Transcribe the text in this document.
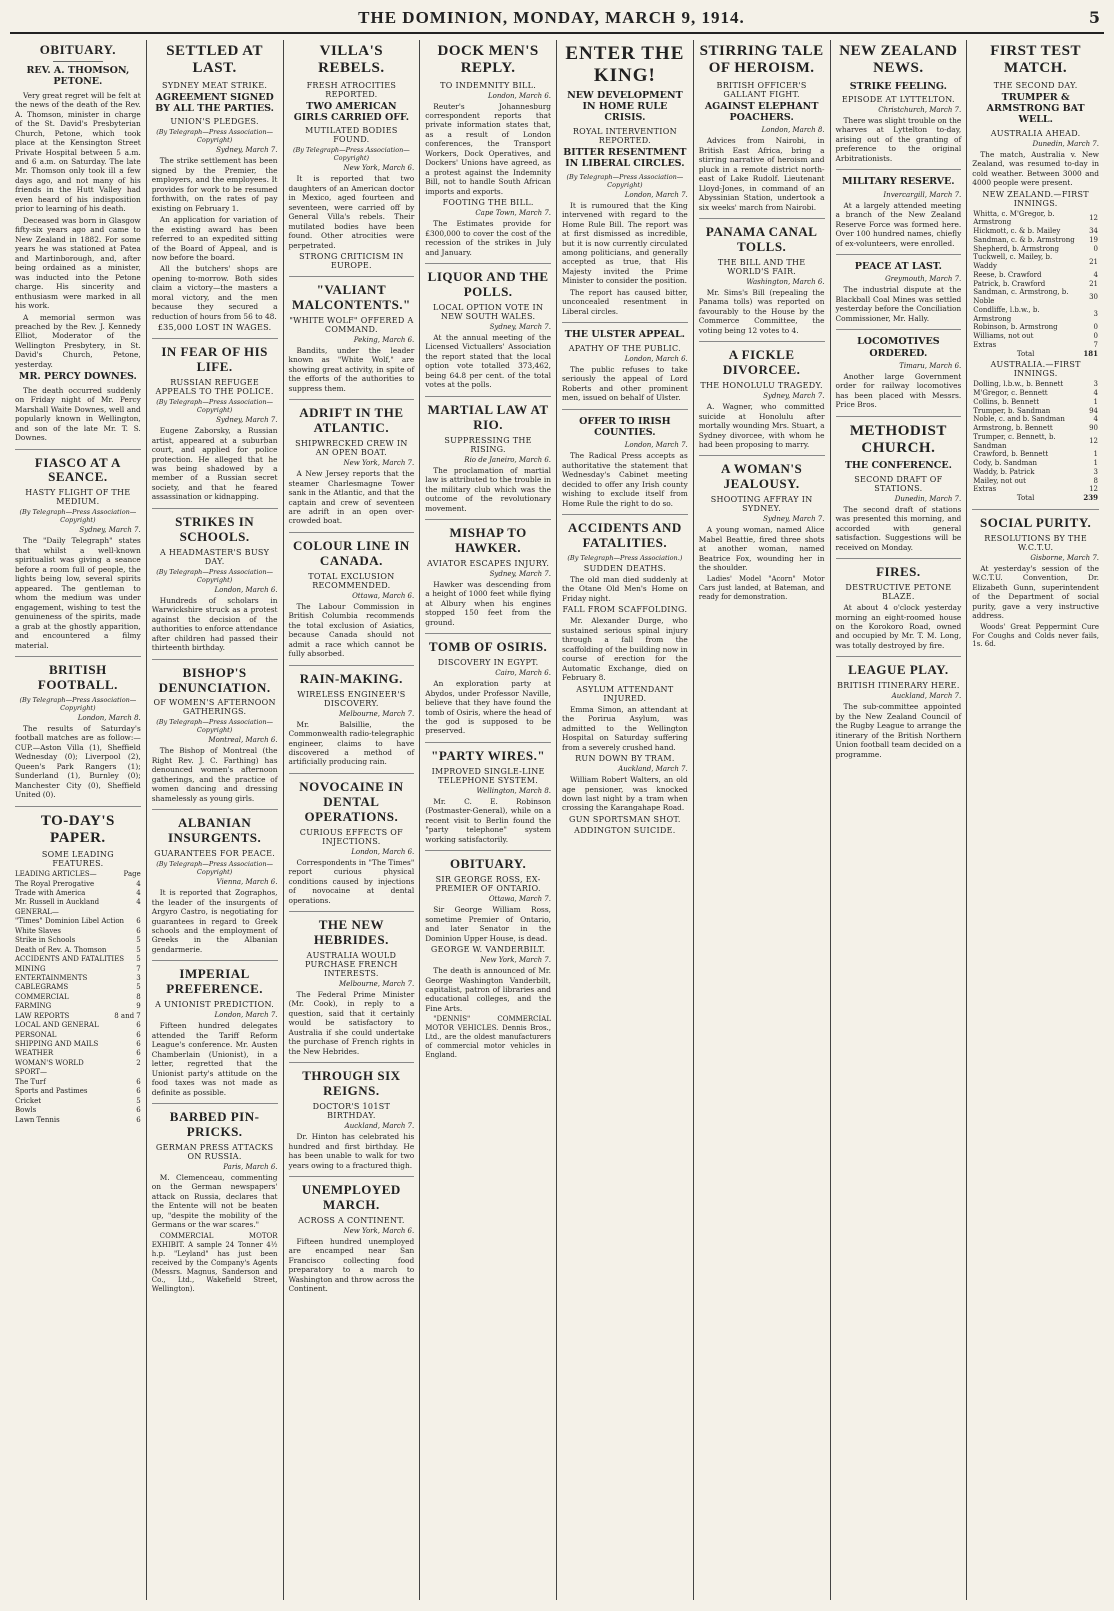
THE DOMINION, MONDAY, MARCH 9, 1914.	5
OBITUARY.
REV. A. THOMSON, PETONE.

Very great regret will be felt at the news of the death of the Rev. A. Thomson, minister in charge of the St. David's Presbyterian Church, Petone, which took place at the Kensington Street Private Hospital between 5 a.m. and 6 a.m. on Saturday. The late Mr. Thomson only took ill a few days ago, and not many of his friends in the Hutt Valley had even heard of his indisposition prior to learning of his death.

Deceased was born in Glasgow fifty-six years ago and came to New Zealand in 1882. For some years he was stationed at Patea and Martinborough, and, after being ordained as a minister, was inducted into the Petone charge. His sincerity and enthusiasm were marked in all his work.

A memorial sermon was preached by the Rev. J. Kennedy Elliot, Moderator of the Wellington Presbytery, in St. David's Church, Petone, yesterday.

MR. PERCY DOWNES.

The death occurred suddenly on Friday night of Mr. Percy Marshall Waite Downes, well and popularly known in Wellington, and son of the late Mr. T. S. Downes.

FIASCO AT A SEANCE.
HASTY FLIGHT OF THE MEDIUM.
(By Telegraph—Press Association—Copyright)
Sydney, March 7.

The "Daily Telegraph" states that whilst a well-known spiritualist was giving a seance before a room full of people, the lights being low, several spirits appeared. The gentleman to whom the medium was under engagement, wishing to test the genuineness of the spirits, made a grab at the ghostly apparition, and encountered a filmy material.

BRITISH FOOTBALL.
(By Telegraph—Press Association—Copyright)
London, March 8.

The results of Saturday's football matches are as follow:— CUP.—Aston Villa (1), Sheffield Wednesday (0); Liverpool (2), Queen's Park Rangers (1); Sunderland (1), Burnley (0); Manchester City (0), Sheffield United (0).

TO-DAY'S PAPER.
SOME LEADING FEATURES.
LEADING ARTICLES—	Page
The Royal Prerogative	4
Trade with America	4
Mr. Russell in Auckland	4
GENERAL—
"Times" Dominion Libel Action	6
White Slaves	6
Strike in Schools	5
Death of Rev. A. Thomson	5
ACCIDENTS AND FATALITIES	5
MINING	7
ENTERTAINMENTS	3
CABLEGRAMS	5
COMMERCIAL	8
FARMING	9
LAW REPORTS	8 and 7
LOCAL AND GENERAL	6
PERSONAL	6
SHIPPING AND MAILS	6
WEATHER	6
WOMAN'S WORLD	2
SPORT—
The Turf	6
Sports and Pastimes	6
Cricket	5
Bowls	6
Lawn Tennis	6
SETTLED AT LAST.
SYDNEY MEAT STRIKE.
AGREEMENT SIGNED BY ALL THE PARTIES.
UNION'S PLEDGES.
(By Telegraph—Press Association—Copyright)
Sydney, March 7.

The strike settlement has been signed by the Premier, the employers, and the employees. It provides for work to be resumed forthwith, on the rates of pay existing on February 1.

An application for variation of the existing award has been referred to an expedited sitting of the Board of Appeal, and is now before the board.

All the butchers' shops are opening to-morrow. Both sides claim a victory—the masters a moral victory, and the men because they secured a reduction of hours from 56 to 48.

£35,000 LOST IN WAGES.
IN FEAR OF HIS LIFE.
RUSSIAN REFUGEE APPEALS TO THE POLICE.
(By Telegraph—Press Association—Copyright)
Sydney, March 7.

Eugene Zaborsky, a Russian artist, appeared at a suburban court, and applied for police protection. He alleged that he was being shadowed by a member of a Russian secret society, and that he feared assassination or kidnapping.

STRIKES IN SCHOOLS.
A HEADMASTER'S BUSY DAY.
(By Telegraph—Press Association—Copyright)
London, March 6.

Hundreds of scholars in Warwickshire struck as a protest against the decision of the authorities to enforce attendance after children had passed their thirteenth birthday.

BISHOP'S DENUNCIATION.
OF WOMEN'S AFTERNOON GATHERINGS.
(By Telegraph—Press Association—Copyright)
Montreal, March 6.

The Bishop of Montreal (the Right Rev. J. C. Farthing) has denounced women's afternoon gatherings, and the practice of women dancing and dressing shamelessly as young girls.

ALBANIAN INSURGENTS.
GUARANTEES FOR PEACE.
(By Telegraph—Press Association—Copyright)
Vienna, March 6.

It is reported that Zographos, the leader of the insurgents of Argyro Castro, is negotiating for guarantees in regard to Greek schools and the employment of Greeks in the Albanian gendarmerie.

IMPERIAL PREFERENCE.
A UNIONIST PREDICTION.
London, March 7.

Fifteen hundred delegates attended the Tariff Reform League's conference. Mr. Austen Chamberlain (Unionist), in a letter, regretted that the Unionist party's attitude on the food taxes was not made as definite as possible.

BARBED PIN-PRICKS.
GERMAN PRESS ATTACKS ON RUSSIA.
Paris, March 6.

M. Clemenceau, commenting on the German newspapers' attack on Russia, declares that the Entente will not be beaten up, "despite the mobility of the Germans or the war scares."

COMMERCIAL MOTOR EXHIBIT. A sample 24 Tonner 4½ h.p. "Leyland" has just been received by the Company's Agents (Messrs. Magnus, Sanderson and Co., Ltd., Wakefield Street, Wellington).

VILLA'S REBELS.
FRESH ATROCITIES REPORTED.
TWO AMERICAN GIRLS CARRIED OFF.
MUTILATED BODIES FOUND.
(By Telegraph—Press Association—Copyright)
New York, March 6.

It is reported that two daughters of an American doctor in Mexico, aged fourteen and seventeen, were carried off by General Villa's rebels. Their mutilated bodies have been found. Other atrocities were perpetrated.

STRONG CRITICISM IN EUROPE.
"VALIANT MALCONTENTS."
"WHITE WOLF" OFFERED A COMMAND.
Peking, March 6.

Bandits, under the leader known as "White Wolf," are showing great activity, in spite of the efforts of the authorities to suppress them.

ADRIFT IN THE ATLANTIC.
SHIPWRECKED CREW IN AN OPEN BOAT.
New York, March 7.

A New Jersey reports that the steamer Charlesmagne Tower sank in the Atlantic, and that the captain and crew of seventeen are adrift in an open over-crowded boat.

COLOUR LINE IN CANADA.
TOTAL EXCLUSION RECOMMENDED.
Ottawa, March 6.

The Labour Commission in British Columbia recommends the total exclusion of Asiatics, because Canada should not admit a race which cannot be fully absorbed.

RAIN-MAKING.
WIRELESS ENGINEER'S DISCOVERY.
Melbourne, March 7.

Mr. Balsillie, the Commonwealth radio-telegraphic engineer, claims to have discovered a method of artificially producing rain.

NOVOCAINE IN DENTAL OPERATIONS.
CURIOUS EFFECTS OF INJECTIONS.
London, March 6.

Correspondents in "The Times" report curious physical conditions caused by injections of novocaine at dental operations.

THE NEW HEBRIDES.
AUSTRALIA WOULD PURCHASE FRENCH INTERESTS.
Melbourne, March 7.

The Federal Prime Minister (Mr. Cook), in reply to a question, said that it certainly would be satisfactory to Australia if she could undertake the purchase of French rights in the New Hebrides.

THROUGH SIX REIGNS.
DOCTOR'S 101ST BIRTHDAY.
Auckland, March 7.

Dr. Hinton has celebrated his hundred and first birthday. He has been unable to walk for two years owing to a fractured thigh.

UNEMPLOYED MARCH.
ACROSS A CONTINENT.
New York, March 6.

Fifteen hundred unemployed are encamped near San Francisco collecting food preparatory to a march to Washington and throw across the Continent.

DOCK MEN'S REPLY.
TO INDEMNITY BILL.
London, March 6.

Reuter's Johannesburg correspondent reports that private information states that, as a result of London conferences, the Transport Workers, Dock Operatives, and Dockers' Unions have agreed, as a protest against the Indemnity Bill, not to handle South African imports and exports.

FOOTING THE BILL.
Cape Town, March 7.

The Estimates provide for £300,000 to cover the cost of the recession of the strikes in July and January.

LIQUOR AND THE POLLS.
LOCAL OPTION VOTE IN NEW SOUTH WALES.
Sydney, March 7.

At the annual meeting of the Licensed Victuallers' Association the report stated that the local option vote totalled 373,462, being 64.8 per cent. of the total votes at the polls.

MARTIAL LAW AT RIO.
SUPPRESSING THE RISING.
Rio de Janeiro, March 6.

The proclamation of martial law is attributed to the trouble in the military club which was the outcome of the revolutionary movement.

MISHAP TO HAWKER.
AVIATOR ESCAPES INJURY.
Sydney, March 7.

Hawker was descending from a height of 1000 feet while flying at Albury when his engines stopped 150 feet from the ground.

TOMB OF OSIRIS.
DISCOVERY IN EGYPT.
Cairo, March 6.

An exploration party at Abydos, under Professor Naville, believe that they have found the tomb of Osiris, where the head of the god is supposed to be preserved.

"PARTY WIRES."
IMPROVED SINGLE-LINE TELEPHONE SYSTEM.
Wellington, March 8.

Mr. C. E. Robinson (Postmaster-General), while on a recent visit to Berlin found the "party telephone" system working satisfactorily.

OBITUARY.
SIR GEORGE ROSS, EX-PREMIER OF ONTARIO.
Ottawa, March 7.

Sir George William Ross, sometime Premier of Ontario, and later Senator in the Dominion Upper House, is dead.

GEORGE W. VANDERBILT.
New York, March 7.

The death is announced of Mr. George Washington Vanderbilt, capitalist, patron of libraries and educational colleges, and the Fine Arts.

"DENNIS" COMMERCIAL MOTOR VEHICLES. Dennis Bros., Ltd., are the oldest manufacturers of commercial motor vehicles in England.

ENTER THE KING!
NEW DEVELOPMENT IN HOME RULE CRISIS.
ROYAL INTERVENTION REPORTED.
BITTER RESENTMENT IN LIBERAL CIRCLES.
(By Telegraph—Press Association—Copyright)
London, March 7.

It is rumoured that the King intervened with regard to the Home Rule Bill. The report was at first dismissed as incredible, but it is now currently circulated among politicians, and generally accepted as true, that His Majesty invited the Prime Minister to consider the position.

The report has caused bitter, unconcealed resentment in Liberal circles.

THE ULSTER APPEAL.
APATHY OF THE PUBLIC.
London, March 6.

The public refuses to take seriously the appeal of Lord Roberts and other prominent men, issued on behalf of Ulster.

OFFER TO IRISH COUNTIES.
London, March 7.

The Radical Press accepts as authoritative the statement that Wednesday's Cabinet meeting decided to offer any Irish county wishing to exclude itself from Home Rule the right to do so.

ACCIDENTS AND FATALITIES.
(By Telegraph—Press Association.)
SUDDEN DEATHS.

The old man died suddenly at the Otane Old Men's Home on Friday night.

FALL FROM SCAFFOLDING.

Mr. Alexander Durge, who sustained serious spinal injury through a fall from the scaffolding of the building now in course of erection for the Automatic Exchange, died on February 8.

ASYLUM ATTENDANT INJURED.

Emma Simon, an attendant at the Porirua Asylum, was admitted to the Wellington Hospital on Saturday suffering from a severely crushed hand.

RUN DOWN BY TRAM.
Auckland, March 7.

William Robert Walters, an old age pensioner, was knocked down last night by a tram when crossing the Karangahape Road.

GUN SPORTSMAN SHOT.
ADDINGTON SUICIDE.
STIRRING TALE OF HEROISM.
BRITISH OFFICER'S GALLANT FIGHT.
AGAINST ELEPHANT POACHERS.
London, March 8.

Advices from Nairobi, in British East Africa, bring a stirring narrative of heroism and pluck in a remote district north-east of Lake Rudolf. Lieutenant Lloyd-Jones, in command of an Abyssinian Station, undertook a six weeks' march from Nairobi.

PANAMA CANAL TOLLS.
THE BILL AND THE WORLD'S FAIR.
Washington, March 6.

Mr. Sims's Bill (repealing the Panama tolls) was reported on favourably to the House by the Commerce Committee, the voting being 12 votes to 4.

A FICKLE DIVORCEE.
THE HONOLULU TRAGEDY.
Sydney, March 7.

A. Wagner, who committed suicide at Honolulu after mortally wounding Mrs. Stuart, a Sydney divorcee, with whom he had been proposing to marry.

A WOMAN'S JEALOUSY.
SHOOTING AFFRAY IN SYDNEY.
Sydney, March 7.

A young woman, named Alice Mabel Beattie, fired three shots at another woman, named Beatrice Fox, wounding her in the shoulder.

Ladies' Model "Acorn" Motor Cars just landed, at Bateman, and ready for demonstration.

NEW ZEALAND NEWS.
STRIKE FEELING.
EPISODE AT LYTTELTON.
Christchurch, March 7.

There was slight trouble on the wharves at Lyttelton to-day, arising out of the granting of preference to the original Arbitrationists.

MILITARY RESERVE.
Invercargill, March 7.

At a largely attended meeting a branch of the New Zealand Reserve Force was formed here. Over 100 hundred names, chiefly of ex-volunteers, were enrolled.

PEACE AT LAST.
Greymouth, March 7.

The industrial dispute at the Blackball Coal Mines was settled yesterday before the Conciliation Commissioner, Mr. Hally.

LOCOMOTIVES ORDERED.
Timaru, March 6.

Another large Government order for railway locomotives has been placed with Messrs. Price Bros.

METHODIST CHURCH.
THE CONFERENCE.
SECOND DRAFT OF STATIONS.
Dunedin, March 7.

The second draft of stations was presented this morning, and accorded with general satisfaction. Suggestions will be received on Monday.

FIRES.
DESTRUCTIVE PETONE BLAZE.

At about 4 o'clock yesterday morning an eight-roomed house on the Korokoro Road, owned and occupied by Mr. T. M. Long, was totally destroyed by fire.

LEAGUE PLAY.
BRITISH ITINERARY HERE.
Auckland, March 7.

The sub-committee appointed by the New Zealand Council of the Rugby League to arrange the itinerary of the British Northern Union football team decided on a programme.

FIRST TEST MATCH.
THE SECOND DAY.
TRUMPER & ARMSTRONG BAT WELL.
AUSTRALIA AHEAD.
Dunedin, March 7.

The match, Australia v. New Zealand, was resumed to-day in cold weather. Between 3000 and 4000 people were present.

NEW ZEALAND.—FIRST INNINGS.
Whitta, c. M'Gregor, b. Armstrong	12
Hickmott, c. & b. Mailey	34
Sandman, c. & b. Armstrong	19
Shepherd, b. Armstrong	0
Tuckwell, c. Mailey, b. Waddy	21
Reese, b. Crawford	4
Patrick, b. Crawford	21
Sandman, c. Armstrong, b. Noble	30
Condliffe, l.b.w., b. Armstrong	3
Robinson, b. Armstrong	0
Williams, not out	0
Extras	7
Total	181
AUSTRALIA.—FIRST INNINGS.
Dolling, l.b.w., b. Bennett	3
M'Gregor, c. Bennett	4
Collins, b. Bennett	1
Trumper, b. Sandman	94
Noble, c. and b. Sandman	4
Armstrong, b. Bennett	90
Trumper, c. Bennett, b. Sandman	12
Crawford, b. Bennett	1
Cody, b. Sandman	1
Waddy, b. Patrick	3
Mailey, not out	8
Extras	12
Total	239
SOCIAL PURITY.
RESOLUTIONS BY THE W.C.T.U.
Gisborne, March 7.

At yesterday's session of the W.C.T.U. Convention, Dr. Elizabeth Gunn, superintendent of the Department of social purity, gave a very instructive address.

Woods' Great Peppermint Cure For Coughs and Colds never fails, 1s. 6d.
